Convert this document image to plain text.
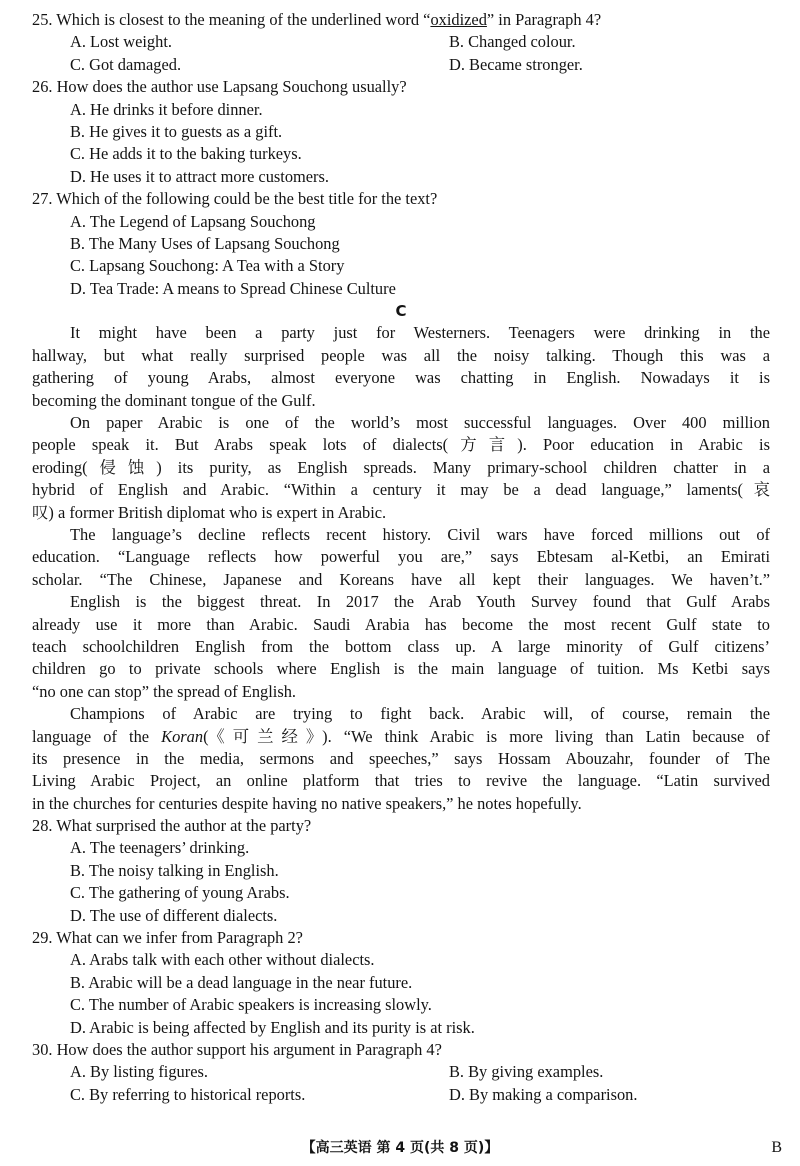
25. Which is closest to the meaning of the underlined word “oxidized” in Paragraph 4?
A. Lost weight.	B. Changed colour.
C. Got damaged.	D. Became stronger.
26. How does the author use Lapsang Souchong usually?
A. He drinks it before dinner.
B. He gives it to guests as a gift.
C. He adds it to the baking turkeys.
D. He uses it to attract more customers.
27. Which of the following could be the best title for the text?
A. The Legend of Lapsang Souchong
B. The Many Uses of Lapsang Souchong
C. Lapsang Souchong: A Tea with a Story
D. Tea Trade: A means to Spread Chinese Culture
C
It might have been a party just for Westerners. Teenagers were drinking in the
hallway, but what really surprised people was all the noisy talking. Though this was a
gathering of young Arabs, almost everyone was chatting in English. Nowadays it is
becoming the dominant tongue of the Gulf.
On paper Arabic is one of the world’s most successful languages. Over 400 million
people speak it. But Arabs speak lots of dialects(方言). Poor education in Arabic is
eroding(侵蚀) its purity, as English spreads. Many primary-school children chatter in a
hybrid of English and Arabic. “Within a century it may be a dead language,” laments(哀
叹) a former British diplomat who is expert in Arabic.
The language’s decline reflects recent history. Civil wars have forced millions out of
education. “Language reflects how powerful you are,” says Ebtesam al-Ketbi, an Emirati
scholar. “The Chinese, Japanese and Koreans have all kept their languages. We haven’t.”
English is the biggest threat. In 2017 the Arab Youth Survey found that Gulf Arabs
already use it more than Arabic. Saudi Arabia has become the most recent Gulf state to
teach schoolchildren English from the bottom class up. A large minority of Gulf citizens’
children go to private schools where English is the main language of tuition. Ms Ketbi says
“no one can stop” the spread of English.
Champions of Arabic are trying to fight back. Arabic will, of course, remain the
language of the Koran(《可兰经》). “We think Arabic is more living than Latin because of
its presence in the media, sermons and speeches,” says Hossam Abouzahr, founder of The
Living Arabic Project, an online platform that tries to revive the language. “Latin survived
in the churches for centuries despite having no native speakers,” he notes hopefully.
28. What surprised the author at the party?
A. The teenagers’ drinking.
B. The noisy talking in English.
C. The gathering of young Arabs.
D. The use of different dialects.
29. What can we infer from Paragraph 2?
A. Arabs talk with each other without dialects.
B. Arabic will be a dead language in the near future.
C. The number of Arabic speakers is increasing slowly.
D. Arabic is being affected by English and its purity is at risk.
30. How does the author support his argument in Paragraph 4?
A. By listing figures.	B. By giving examples.
C. By referring to historical reports.	D. By making a comparison.
【高三英语 第 4 页(共 8 页)】	B
